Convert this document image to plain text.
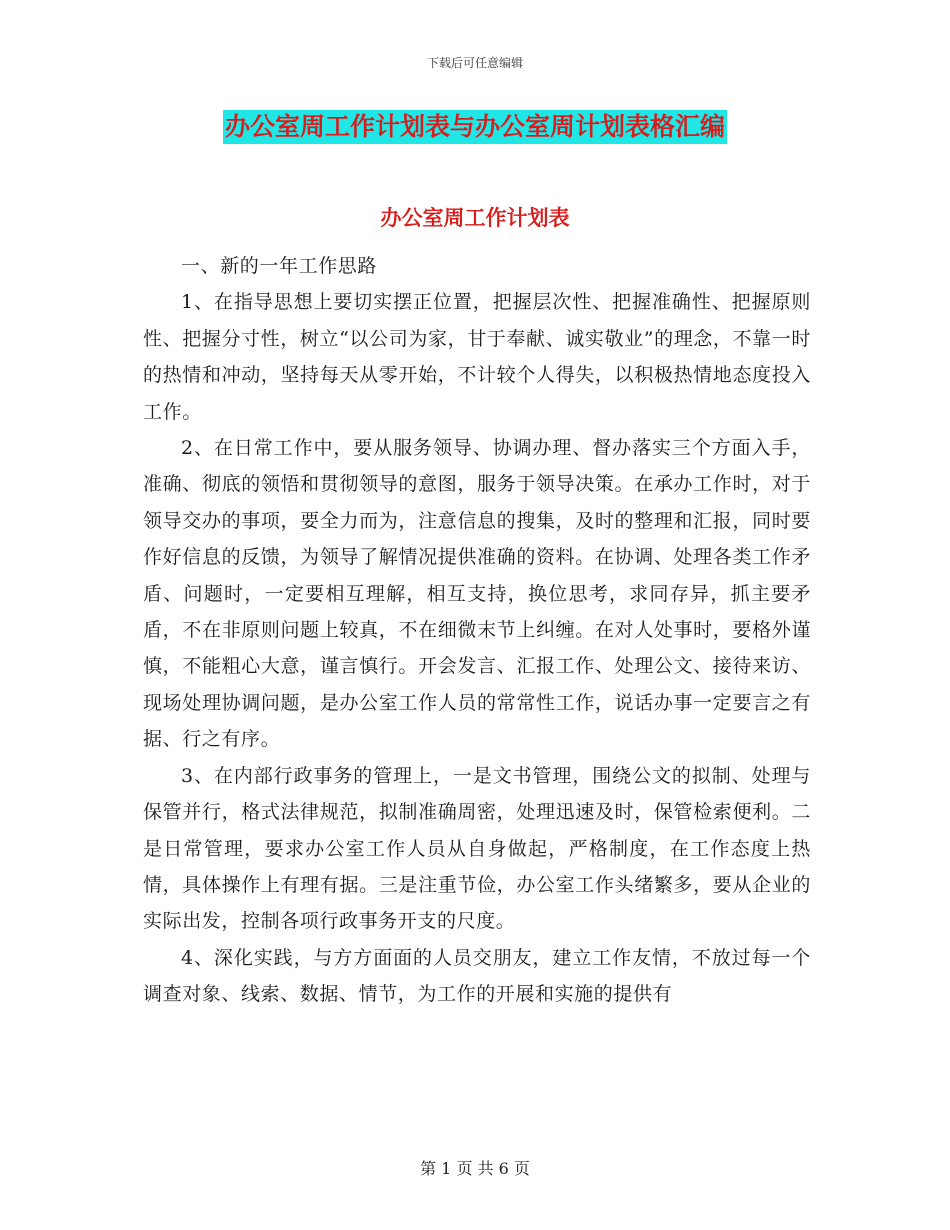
下载后可任意编辑
办公室周工作计划表与办公室周计划表格汇编
办公室周工作计划表

一、新的一年工作思路

1、在指导思想上要切实摆正位置，把握层次性、把握准确性、把握原则性、把握分寸性，树立“以公司为家，甘于奉献、诚实敬业”的理念，不靠一时的热情和冲动，坚持每天从零开始，不计较个人得失，以积极热情地态度投入工作。

2、在日常工作中，要从服务领导、协调办理、督办落实三个方面入手，准确、彻底的领悟和贯彻领导的意图，服务于领导决策。在承办工作时，对于领导交办的事项，要全力而为，注意信息的搜集，及时的整理和汇报，同时要作好信息的反馈，为领导了解情况提供准确的资料。在协调、处理各类工作矛盾、问题时，一定要相互理解，相互支持，换位思考，求同存异，抓主要矛盾，不在非原则问题上较真，不在细微末节上纠缠。在对人处事时，要格外谨慎，不能粗心大意，谨言慎行。开会发言、汇报工作、处理公文、接待来访、现场处理协调问题，是办公室工作人员的常常性工作，说话办事一定要言之有据、行之有序。

3、在内部行政事务的管理上，一是文书管理，围绕公文的拟制、处理与保管并行，格式法律规范，拟制准确周密，处理迅速及时，保管检索便利。二是日常管理，要求办公室工作人员从自身做起，严格制度，在工作态度上热情，具体操作上有理有据。三是注重节俭，办公室工作头绪繁多，要从企业的实际出发，控制各项行政事务开支的尺度。

4、深化实践，与方方面面的人员交朋友，建立工作友情，不放过每一个调查对象、线索、数据、情节，为工作的开展和实施的提供有

第 1 页 共 6 页
